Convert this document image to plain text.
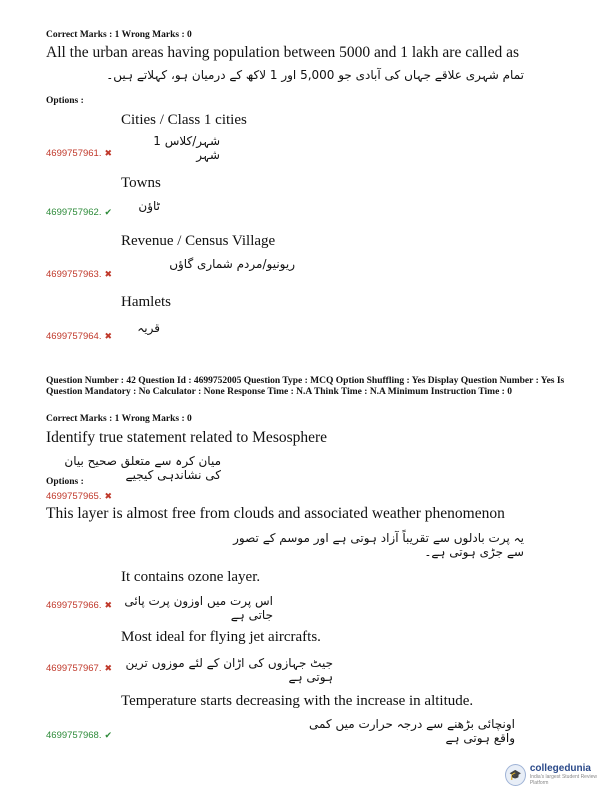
Correct Marks : 1 Wrong Marks : 0
All the urban areas having population between 5000 and 1 lakh are called as
تمام شہری علاقے جہاں کی آبادی جو 5,000 اور 1 لاکھ کے درمیان ہو، کہلاتے ہیں۔
Options :
Cities / Class 1 cities
شہر/کلاس 1 شہر
4699757961. ✖
Towns
ٹاؤن
4699757962. ✔
Revenue / Census Village
ریونیو/مردم شماری گاؤں
4699757963. ✖
Hamlets
قریہ
4699757964. ✖
Question Number : 42 Question Id : 4699752005 Question Type : MCQ Option Shuffling : Yes Display Question Number : Yes Is Question Mandatory : No Calculator : None Response Time : N.A Think Time : N.A Minimum Instruction Time : 0
Correct Marks : 1 Wrong Marks : 0
Identify true statement related to Mesosphere
میان کرہ سے متعلق صحیح بیان کی نشاندہی کیجیے
Options :
4699757965. ✖
This layer is almost free from clouds and associated weather phenomenon
یہ پرت بادلوں سے تقریباً آزاد ہوتی ہے اور موسم کے تصور سے جڑی ہوتی ہے۔
It contains ozone layer.
اس پرت میں اوزون پرت پائی جاتی ہے
4699757966. ✖
Most ideal for flying jet aircrafts.
جیٹ جہازوں کی اڑان کے لئے موزوں ترین ہوتی ہے
4699757967. ✖
Temperature starts decreasing with the increase in altitude.
اونچائی بڑھنے سے درجہ حرارت میں کمی واقع ہوتی ہے
4699757968. ✔
🎓
collegedunia
India's largest Student Review Platform
